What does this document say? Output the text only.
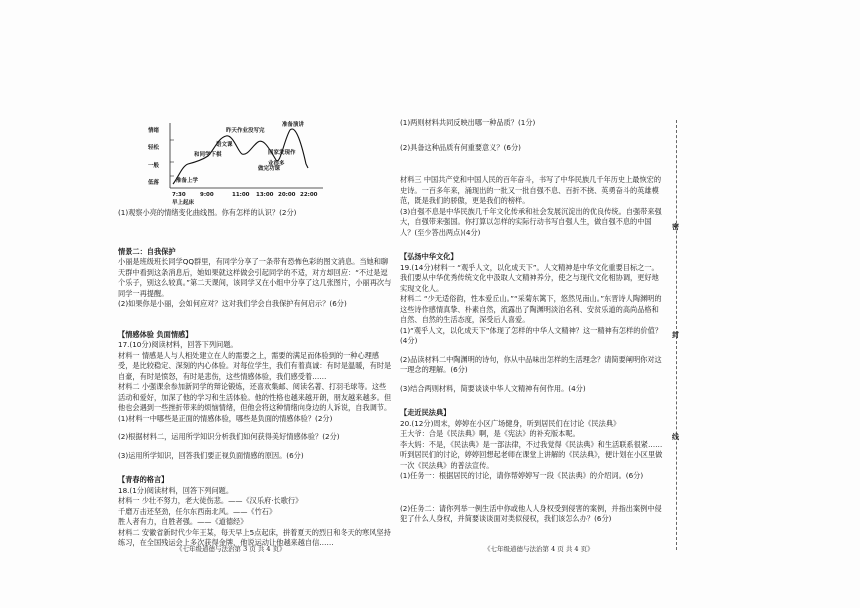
情绪
轻松
一般
低落
7:30	9:00	11:00 13:00 20:00 22:00
准备演讲
语文课
昨天作业没写完
和同学下棋	回家发现作业很多
做完功课
准备上学
早上起床

(1)观察小亮的情绪变化曲线图。你有怎样的认识？(2分)

情景二：自我保护

小丽是班级班长同学QQ群里，有同学分享了一条带有恐怖色彩的图文消息。当她和聊天群中看到这条消息后，她如果就这样做会引起同学的不适，对方却回应：“不过是逗个乐子，别这么较真。”第二天课间，该同学又在小组中分享了这几张图片，小丽再次与同学一再提醒。

(2)如果你是小丽，会如何应对？这对我们学会自我保护有何启示？(6分)

【情感体验 负面情感】

17.(10分)阅读材料，回答下列问题。

材料一 情感是人与人相处建立在人的需要之上，需要的满足而体验到的一种心理感受，是比较稳定、深刻的内心体验。对每位学生，我们有着真诚：有时是温暖，有时是自豪，有时是愤怒，有时是悲伤，这些情感体验，我们感受着……

材料二 小强课余参加新同学的辩论锻炼，还喜欢集邮、阅读名著、打羽毛球等。这些活动和爱好，加深了他的学习和生活体验。他的性格也越来越开朗，朋友越来越多。但他也会遇到一些挫折带来的烦恼情绪，但他会将这种情绪向身边的人诉说，自我调节。

(1)材料一中哪些是正面的情感体验，哪些是负面的情感体验？(2分)

(2)根据材料二，运用所学知识分析我们如何获得美好情感体验？(2分)

(3)运用所学知识，回答我们要正视负面情感的原因。(6分)

【青春的格言】

18.(1分)阅读材料，回答下列问题。

材料一 少壮不努力，老大徒伤悲。——《汉乐府·长歌行》

千磨万击还坚劲，任尔东西南北风。——《竹石》

胜人者有力，自胜者强。——《道德经》

材料二 安徽省新时代少年王某，每天早上5点起床，拼着夏天的烈日和冬天的寒风坚持练习，在全国残运会上多次获得金牌，他说运动让他越来越自信……

(1)两则材料共同反映出哪一种品质？(1分)

(2)具备这种品质有何重要意义？(6分)

材料三 中国共产党和中国人民的百年奋斗，书写了中华民族几千年历史上最恢宏的史诗。一百多年来，涌现出的一批又一批自强不息、百折不挠、英勇奋斗的英雄模范，既是我们的骄傲，更是我们的榜样。

(3)自强不息是中华民族几千年文化传承和社会发展沉淀出的优良传统。自强带来强大，自强带来强国。你打算以怎样的实际行动书写自强人生，做自强不息的中国人？(至少答出两点)(4分)

【弘扬中华文化】

19.(14分)材料一 “观乎人文，以化成天下”。人文精神是中华文化重要目标之一。我们要从中华优秀传统文化中汲取人文精神养分，使之与现代文化相协调，更好地实现文化人。

材料二 “少无适俗韵，性本爱丘山。”“采菊东篱下，悠然见南山。”东晋诗人陶渊明的这些诗作感情真挚、朴素自然，流露出了陶渊明淡泊名利、安贫乐道的高尚品格和自然、自然的生活态度，深受后人喜爱。

(1)“观乎人文，以化成天下”体现了怎样的中华人文精神？这一精神有怎样的价值？(4分)

(2)品读材料二中陶渊明的诗句，你从中品味出怎样的生活理念？请简要阐明你对这一理念的理解。(6分)

(3)结合两则材料，简要谈谈中华人文精神有何作用。(4分)

【走近民法典】

20.(12分)周末，婷婷在小区广场健身，听到居民们在讨论《民法典》

王大爷：合是《民法典》啊，是《宪法》的补充版本呢。

李大妈：不是，《民法典》是一部法律，不过我觉得《民法典》和生活联系很紧……

听到居民们的讨论，婷婷回想起老师在课堂上讲解的《民法典》，便计划在小区里做一次《民法典》的普法宣传。

(1)任务一：根据居民的讨论，请你帮婷婷写一段《民法典》的介绍词。(6分)

(2)任务二：请你列举一例生活中你或他人人身权受到侵害的案例，并指出案例中侵犯了什么人身权，并简要谈谈面对类似侵权，我们该怎么办？(6分)

密
封
线
《七年级道德与法治第 3 页 共 4 页》	《七年级道德与法治第 4 页 共 4 页》
